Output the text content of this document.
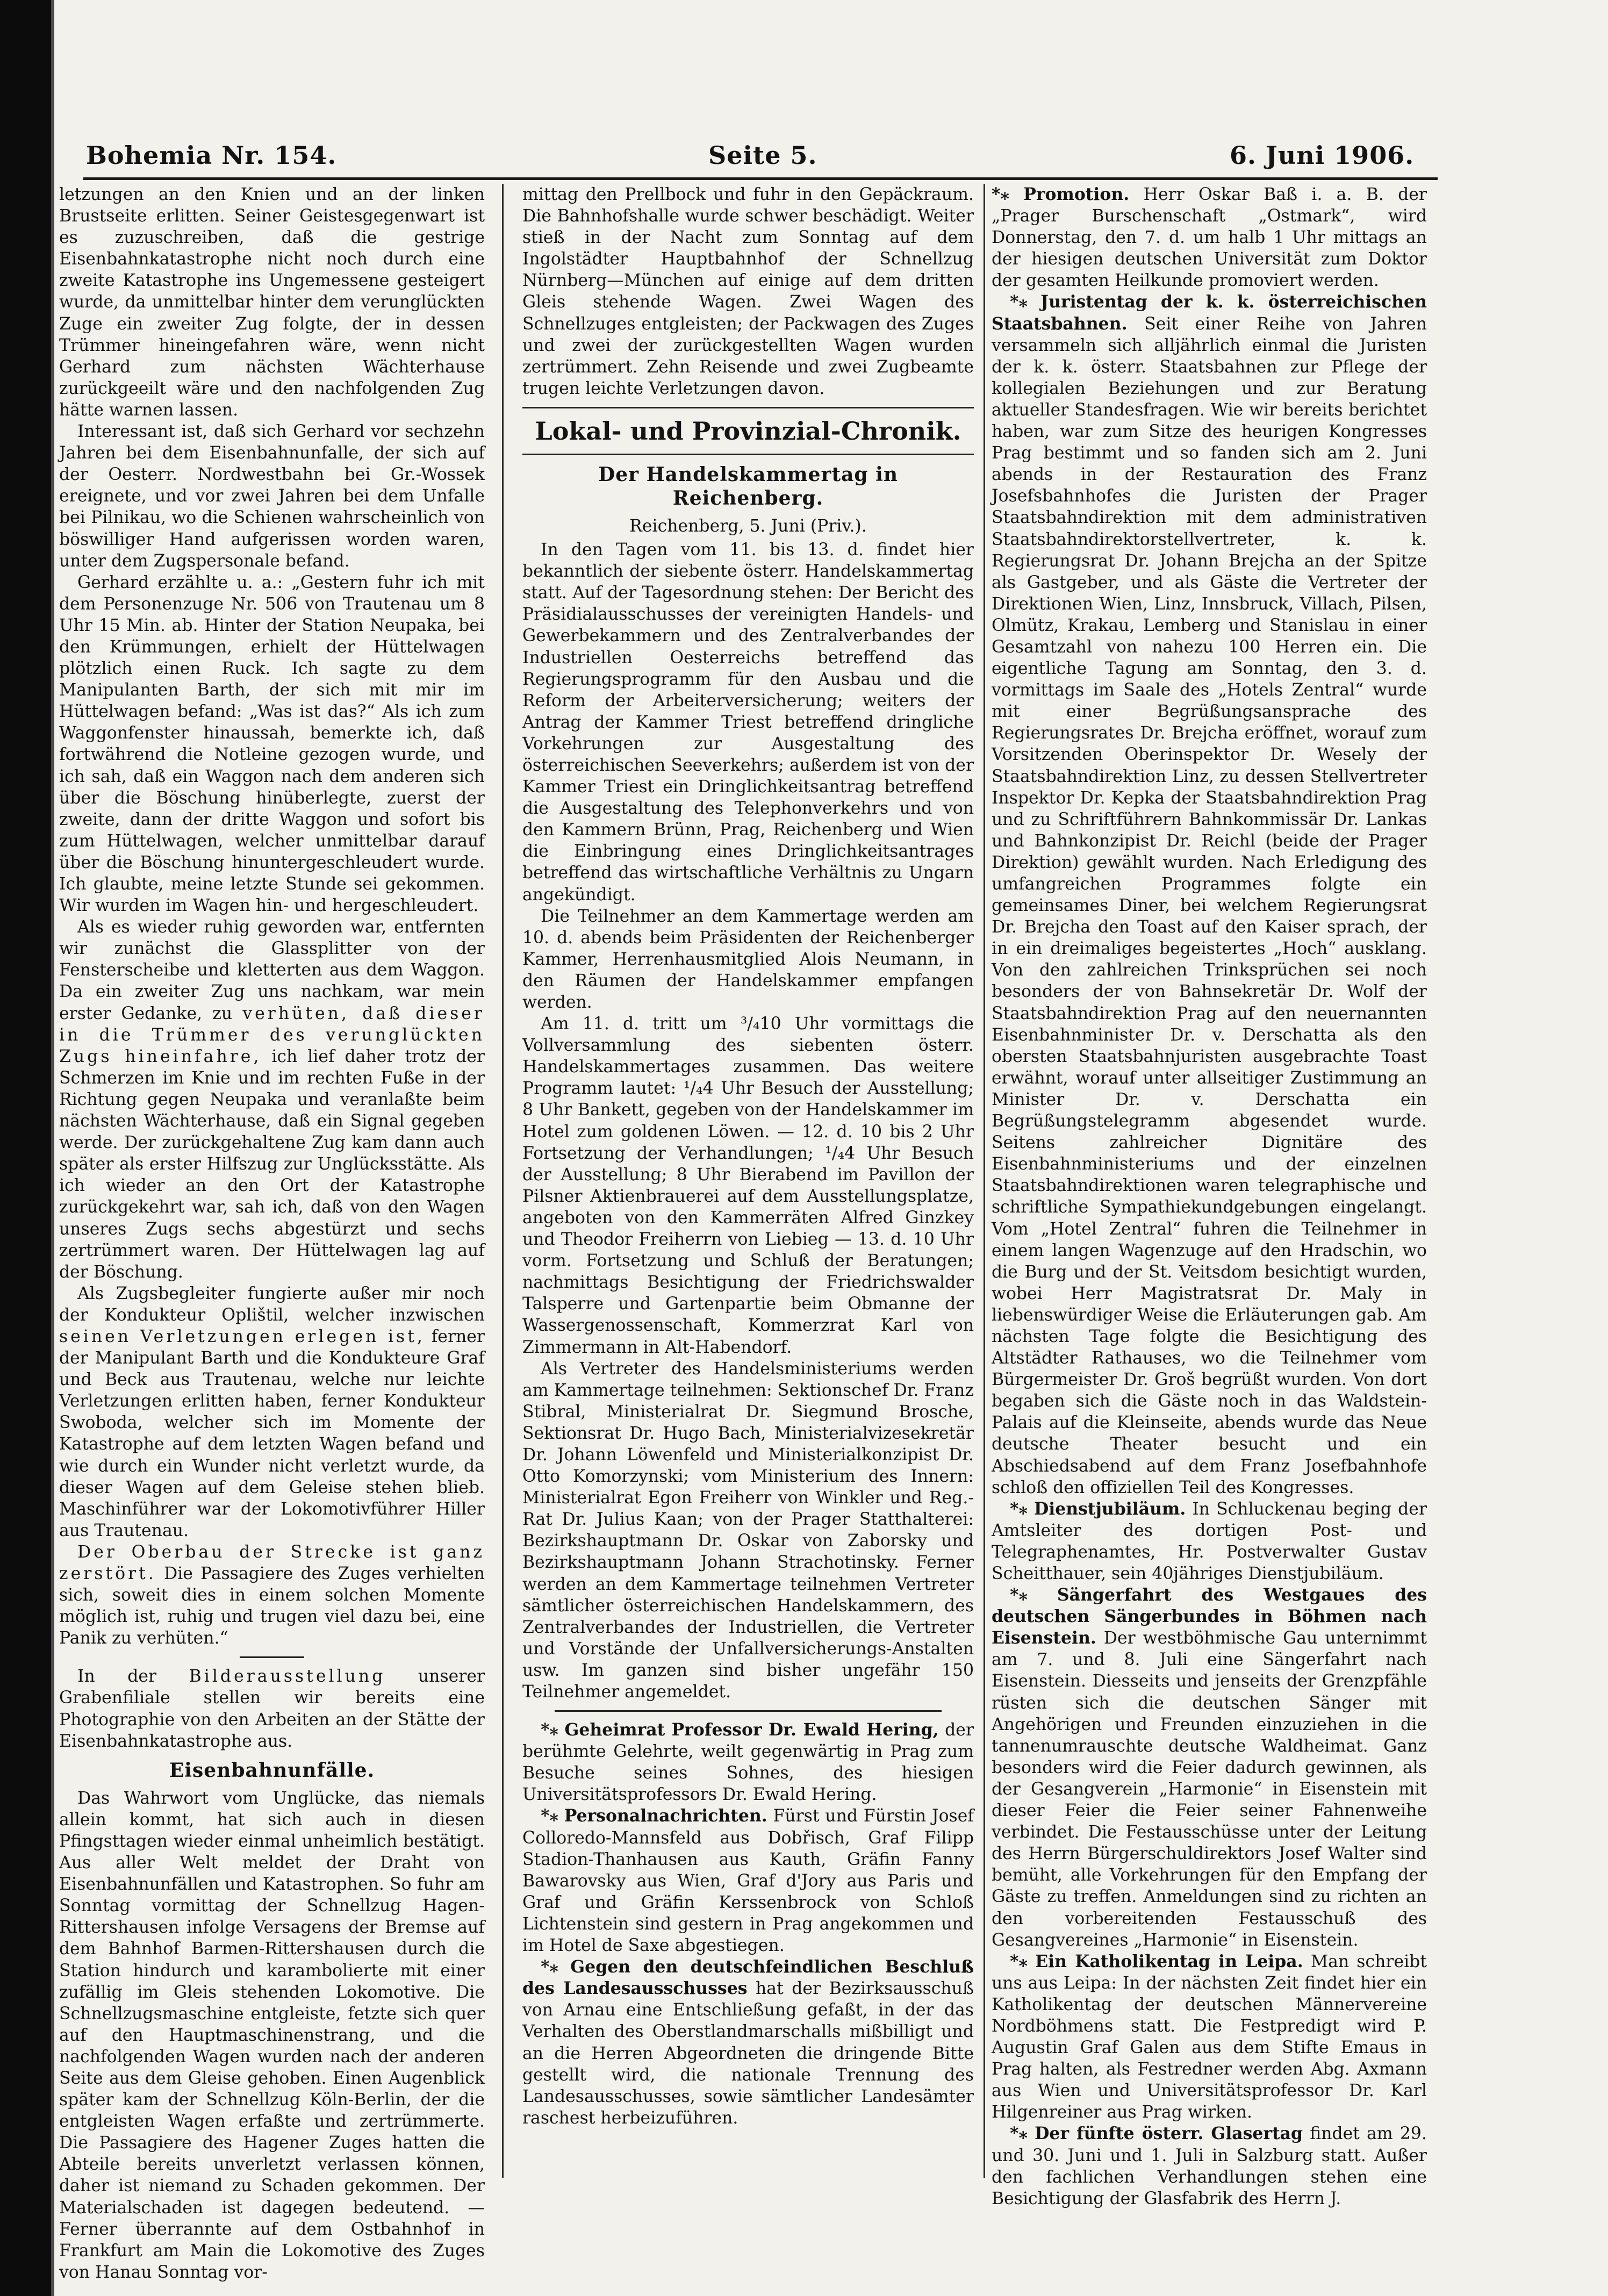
Bohemia Nr. 154.	Seite 5.	6. Juni 1906.

letzungen an den Knien und an der linken Brustseite erlitten. Seiner Geistesgegenwart ist es zuzuschreiben, daß die gestrige Eisenbahnkatastrophe nicht noch durch eine zweite Katastrophe ins Ungemessene gesteigert wurde, da unmittelbar hinter dem verunglückten Zuge ein zweiter Zug folgte, der in dessen Trümmer hineingefahren wäre, wenn nicht Gerhard zum nächsten Wächterhause zurückgeeilt wäre und den nachfolgenden Zug hätte warnen lassen.

Interessant ist, daß sich Gerhard vor sechzehn Jahren bei dem Eisenbahnunfalle, der sich auf der Oesterr. Nordwestbahn bei Gr.-Wossek ereignete, und vor zwei Jahren bei dem Unfalle bei Pilnikau, wo die Schienen wahrscheinlich von böswilliger Hand aufgerissen worden waren, unter dem Zugspersonale befand.

Gerhard erzählte u. a.: „Gestern fuhr ich mit dem Personenzuge Nr. 506 von Trautenau um 8 Uhr 15 Min. ab. Hinter der Station Neupaka, bei den Krümmungen, erhielt der Hüttelwagen plötzlich einen Ruck. Ich sagte zu dem Manipulanten Barth, der sich mit mir im Hüttelwagen befand: „Was ist das?“ Als ich zum Waggonfenster hinaussah, bemerkte ich, daß fortwährend die Notleine gezogen wurde, und ich sah, daß ein Waggon nach dem anderen sich über die Böschung hinüberlegte, zuerst der zweite, dann der dritte Waggon und sofort bis zum Hüttelwagen, welcher unmittelbar darauf über die Böschung hinuntergeschleudert wurde. Ich glaubte, meine letzte Stunde sei gekommen. Wir wurden im Wagen hin- und hergeschleudert.

Als es wieder ruhig geworden war, entfernten wir zunächst die Glassplitter von der Fensterscheibe und kletterten aus dem Waggon. Da ein zweiter Zug uns nachkam, war mein erster Gedanke, zu verhüten, daß dieser in die Trümmer des verunglückten Zugs hineinfahre, ich lief daher trotz der Schmerzen im Knie und im rechten Fuße in der Richtung gegen Neupaka und veranlaßte beim nächsten Wächterhause, daß ein Signal gegeben werde. Der zurückgehaltene Zug kam dann auch später als erster Hilfszug zur Unglücksstätte. Als ich wieder an den Ort der Katastrophe zurückgekehrt war, sah ich, daß von den Wagen unseres Zugs sechs abgestürzt und sechs zertrümmert waren. Der Hüttelwagen lag auf der Böschung.

Als Zugsbegleiter fungierte außer mir noch der Kondukteur Oplištil, welcher inzwischen seinen Verletzungen erlegen ist, ferner der Manipulant Barth und die Kondukteure Graf und Beck aus Trautenau, welche nur leichte Verletzungen erlitten haben, ferner Kondukteur Swoboda, welcher sich im Momente der Katastrophe auf dem letzten Wagen befand und wie durch ein Wunder nicht verletzt wurde, da dieser Wagen auf dem Geleise stehen blieb. Maschinführer war der Lokomotivführer Hiller aus Trautenau.

Der Oberbau der Strecke ist ganz zerstört. Die Passagiere des Zuges verhielten sich, soweit dies in einem solchen Momente möglich ist, ruhig und trugen viel dazu bei, eine Panik zu verhüten.“

In der Bilderausstellung unserer Grabenfiliale stellen wir bereits eine Photographie von den Arbeiten an der Stätte der Eisenbahnkatastrophe aus.

Eisenbahnunfälle.

Das Wahrwort vom Unglücke, das niemals allein kommt, hat sich auch in diesen Pfingsttagen wieder einmal unheimlich bestätigt. Aus aller Welt meldet der Draht von Eisenbahnunfällen und Katastrophen. So fuhr am Sonntag vormittag der Schnellzug Hagen-Rittershausen infolge Versagens der Bremse auf dem Bahnhof Barmen-Rittershausen durch die Station hindurch und karambolierte mit einer zufällig im Gleis stehenden Lokomotive. Die Schnellzugsmaschine entgleiste, fetzte sich quer auf den Hauptmaschinenstrang, und die nachfolgenden Wagen wurden nach der anderen Seite aus dem Gleise gehoben. Einen Augenblick später kam der Schnellzug Köln-Berlin, der die entgleisten Wagen erfaßte und zertrümmerte. Die Passagiere des Hagener Zuges hatten die Abteile bereits unverletzt verlassen können, daher ist niemand zu Schaden gekommen. Der Materialschaden ist dagegen bedeutend. — Ferner überrannte auf dem Ostbahnhof in Frankfurt am Main die Lokomotive des Zuges von Hanau Sonntag vor-

mittag den Prellbock und fuhr in den Gepäckraum. Die Bahnhofshalle wurde schwer beschädigt. Weiter stieß in der Nacht zum Sonntag auf dem Ingolstädter Hauptbahnhof der Schnellzug Nürnberg—München auf einige auf dem dritten Gleis stehende Wagen. Zwei Wagen des Schnellzuges entgleisten; der Packwagen des Zuges und zwei der zurückgestellten Wagen wurden zertrümmert. Zehn Reisende und zwei Zugbeamte trugen leichte Verletzungen davon.

Lokal- und Provinzial-Chronik.
Der Handelskammertag in Reichenberg.
Reichenberg, 5. Juni (Priv.).

In den Tagen vom 11. bis 13. d. findet hier bekanntlich der siebente österr. Handelskammertag statt. Auf der Tagesordnung stehen: Der Bericht des Präsidialausschusses der vereinigten Handels- und Gewerbekammern und des Zentralverbandes der Industriellen Oesterreichs betreffend das Regierungsprogramm für den Ausbau und die Reform der Arbeiterversicherung; weiters der Antrag der Kammer Triest betreffend dringliche Vorkehrungen zur Ausgestaltung des österreichischen Seeverkehrs; außerdem ist von der Kammer Triest ein Dringlichkeitsantrag betreffend die Ausgestaltung des Telephonverkehrs und von den Kammern Brünn, Prag, Reichenberg und Wien die Einbringung eines Dringlichkeitsantrages betreffend das wirtschaftliche Verhältnis zu Ungarn angekündigt.

Die Teilnehmer an dem Kammertage werden am 10. d. abends beim Präsidenten der Reichenberger Kammer, Herrenhausmitglied Alois Neumann, in den Räumen der Handelskammer empfangen werden.

Am 11. d. tritt um ³/₄10 Uhr vormittags die Vollversammlung des siebenten österr. Handelskammertages zusammen. Das weitere Programm lautet: ¹/₄4 Uhr Besuch der Ausstellung; 8 Uhr Bankett, gegeben von der Handelskammer im Hotel zum goldenen Löwen. — 12. d. 10 bis 2 Uhr Fortsetzung der Verhandlungen; ¹/₄4 Uhr Besuch der Ausstellung; 8 Uhr Bierabend im Pavillon der Pilsner Aktienbrauerei auf dem Ausstellungsplatze, angeboten von den Kammerräten Alfred Ginzkey und Theodor Freiherrn von Liebieg — 13. d. 10 Uhr vorm. Fortsetzung und Schluß der Beratungen; nachmittags Besichtigung der Friedrichswalder Talsperre und Gartenpartie beim Obmanne der Wassergenossenschaft, Kommerzrat Karl von Zimmermann in Alt-Habendorf.

Als Vertreter des Handelsministeriums werden am Kammertage teilnehmen: Sektionschef Dr. Franz Stibral, Ministerialrat Dr. Siegmund Brosche, Sektionsrat Dr. Hugo Bach, Ministerialvizesekretär Dr. Johann Löwenfeld und Ministerialkonzipist Dr. Otto Komorzynski; vom Ministerium des Innern: Ministerialrat Egon Freiherr von Winkler und Reg.-Rat Dr. Julius Kaan; von der Prager Statthalterei: Bezirkshauptmann Dr. Oskar von Zaborsky und Bezirkshauptmann Johann Strachotinsky. Ferner werden an dem Kammertage teilnehmen Vertreter sämtlicher österreichischen Handelskammern, des Zentralverbandes der Industriellen, die Vertreter und Vorstände der Unfallversicherungs-Anstalten usw. Im ganzen sind bisher ungefähr 150 Teilnehmer angemeldet.

*⁎ Geheimrat Professor Dr. Ewald Hering, der berühmte Gelehrte, weilt gegenwärtig in Prag zum Besuche seines Sohnes, des hiesigen Universitätsprofessors Dr. Ewald Hering.

*⁎ Personalnachrichten. Fürst und Fürstin Josef Colloredo-Mannsfeld aus Dobřisch, Graf Filipp Stadion-Thanhausen aus Kauth, Gräfin Fanny Bawarovsky aus Wien, Graf d'Jory aus Paris und Graf und Gräfin Kerssenbrock von Schloß Lichtenstein sind gestern in Prag angekommen und im Hotel de Saxe abgestiegen.

*⁎ Gegen den deutschfeindlichen Beschluß des Landesausschusses hat der Bezirksausschuß von Arnau eine Entschließung gefaßt, in der das Verhalten des Oberstlandmarschalls mißbilligt und an die Herren Abgeordneten die dringende Bitte gestellt wird, die nationale Trennung des Landesausschusses, sowie sämtlicher Landesämter raschest herbeizuführen.

*⁎ Promotion. Herr Oskar Baß i. a. B. der „Prager Burschenschaft „Ostmark“, wird Donnerstag, den 7. d. um halb 1 Uhr mittags an der hiesigen deutschen Universität zum Doktor der gesamten Heilkunde promoviert werden.

*⁎ Juristentag der k. k. österreichischen Staatsbahnen. Seit einer Reihe von Jahren versammeln sich alljährlich einmal die Juristen der k. k. österr. Staatsbahnen zur Pflege der kollegialen Beziehungen und zur Beratung aktueller Standesfragen. Wie wir bereits berichtet haben, war zum Sitze des heurigen Kongresses Prag bestimmt und so fanden sich am 2. Juni abends in der Restauration des Franz Josefsbahnhofes die Juristen der Prager Staatsbahndirektion mit dem administrativen Staatsbahndirektorstellvertreter, k. k. Regierungsrat Dr. Johann Brejcha an der Spitze als Gastgeber, und als Gäste die Vertreter der Direktionen Wien, Linz, Innsbruck, Villach, Pilsen, Olmütz, Krakau, Lemberg und Stanislau in einer Gesamtzahl von nahezu 100 Herren ein. Die eigentliche Tagung am Sonntag, den 3. d. vormittags im Saale des „Hotels Zentral“ wurde mit einer Begrüßungsansprache des Regierungsrates Dr. Brejcha eröffnet, worauf zum Vorsitzenden Oberinspektor Dr. Wesely der Staatsbahndirektion Linz, zu dessen Stellvertreter Inspektor Dr. Kepka der Staatsbahndirektion Prag und zu Schriftführern Bahnkommissär Dr. Lankas und Bahnkonzipist Dr. Reichl (beide der Prager Direktion) gewählt wurden. Nach Erledigung des umfangreichen Programmes folgte ein gemeinsames Diner, bei welchem Regierungsrat Dr. Brejcha den Toast auf den Kaiser sprach, der in ein dreimaliges begeistertes „Hoch“ ausklang. Von den zahlreichen Trinksprüchen sei noch besonders der von Bahnsekretär Dr. Wolf der Staatsbahndirektion Prag auf den neuernannten Eisenbahnminister Dr. v. Derschatta als den obersten Staatsbahnjuristen ausgebrachte Toast erwähnt, worauf unter allseitiger Zustimmung an Minister Dr. v. Derschatta ein Begrüßungstelegramm abgesendet wurde. Seitens zahlreicher Dignitäre des Eisenbahnministeriums und der einzelnen Staatsbahndirektionen waren telegraphische und schriftliche Sympathiekundgebungen eingelangt. Vom „Hotel Zentral“ fuhren die Teilnehmer in einem langen Wagenzuge auf den Hradschin, wo die Burg und der St. Veitsdom besichtigt wurden, wobei Herr Magistratsrat Dr. Maly in liebenswürdiger Weise die Erläuterungen gab. Am nächsten Tage folgte die Besichtigung des Altstädter Rathauses, wo die Teilnehmer vom Bürgermeister Dr. Groš begrüßt wurden. Von dort begaben sich die Gäste noch in das Waldstein-Palais auf die Kleinseite, abends wurde das Neue deutsche Theater besucht und ein Abschiedsabend auf dem Franz Josefbahnhofe schloß den offiziellen Teil des Kongresses.

*⁎ Dienstjubiläum. In Schluckenau beging der Amtsleiter des dortigen Post- und Telegraphenamtes, Hr. Postverwalter Gustav Scheitthauer, sein 40jähriges Dienstjubiläum.

*⁎ Sängerfahrt des Westgaues des deutschen Sängerbundes in Böhmen nach Eisenstein. Der westböhmische Gau unternimmt am 7. und 8. Juli eine Sängerfahrt nach Eisenstein. Diesseits und jenseits der Grenzpfähle rüsten sich die deutschen Sänger mit Angehörigen und Freunden einzuziehen in die tannenumrauschte deutsche Waldheimat. Ganz besonders wird die Feier dadurch gewinnen, als der Gesangverein „Harmonie“ in Eisenstein mit dieser Feier die Feier seiner Fahnenweihe verbindet. Die Festausschüsse unter der Leitung des Herrn Bürgerschuldirektors Josef Walter sind bemüht, alle Vorkehrungen für den Empfang der Gäste zu treffen. Anmeldungen sind zu richten an den vorbereitenden Festausschuß des Gesangvereines „Harmonie“ in Eisenstein.

*⁎ Ein Katholikentag in Leipa. Man schreibt uns aus Leipa: In der nächsten Zeit findet hier ein Katholikentag der deutschen Männervereine Nordböhmens statt. Die Festpredigt wird P. Augustin Graf Galen aus dem Stifte Emaus in Prag halten, als Festredner werden Abg. Axmann aus Wien und Universitätsprofessor Dr. Karl Hilgenreiner aus Prag wirken.

*⁎ Der fünfte österr. Glasertag findet am 29. und 30. Juni und 1. Juli in Salzburg statt. Außer den fachlichen Verhandlungen stehen eine Besichtigung der Glasfabrik des Herrn J.
